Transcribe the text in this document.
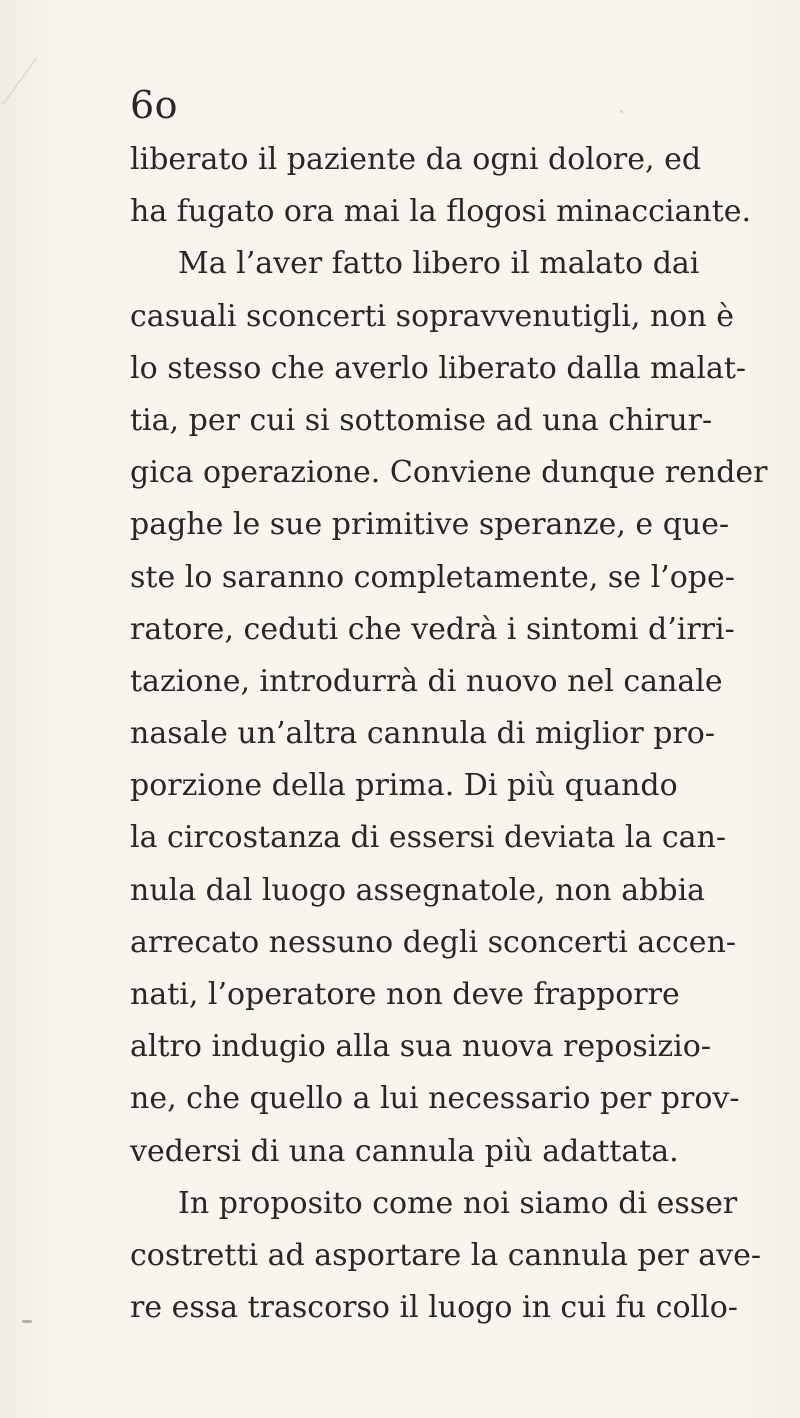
6o
liberato il paziente da ogni dolore, ed
ha fugato ora mai la flogosi minacciante.
Ma l’aver fatto libero il malato dai
casuali sconcerti sopravvenutigli, non è
lo stesso che averlo liberato dalla malat-
tia, per cui si sottomise ad una chirur-
gica operazione. Conviene dunque render
paghe le sue primitive speranze, e que-
ste lo saranno completamente, se l’ope-
ratore, ceduti che vedrà i sintomi d’irri-
tazione, introdurrà di nuovo nel canale
nasale un’altra cannula di miglior pro-
porzione della prima. Di più quando
la circostanza di essersi deviata la can-
nula dal luogo assegnatole, non abbia
arrecato nessuno degli sconcerti accen-
nati, l’operatore non deve frapporre
altro indugio alla sua nuova reposizio-
ne, che quello a lui necessario per prov-
vedersi di una cannula più adattata.
In proposito come noi siamo di esser
costretti ad asportare la cannula per ave-
re essa trascorso il luogo in cui fu collo-
